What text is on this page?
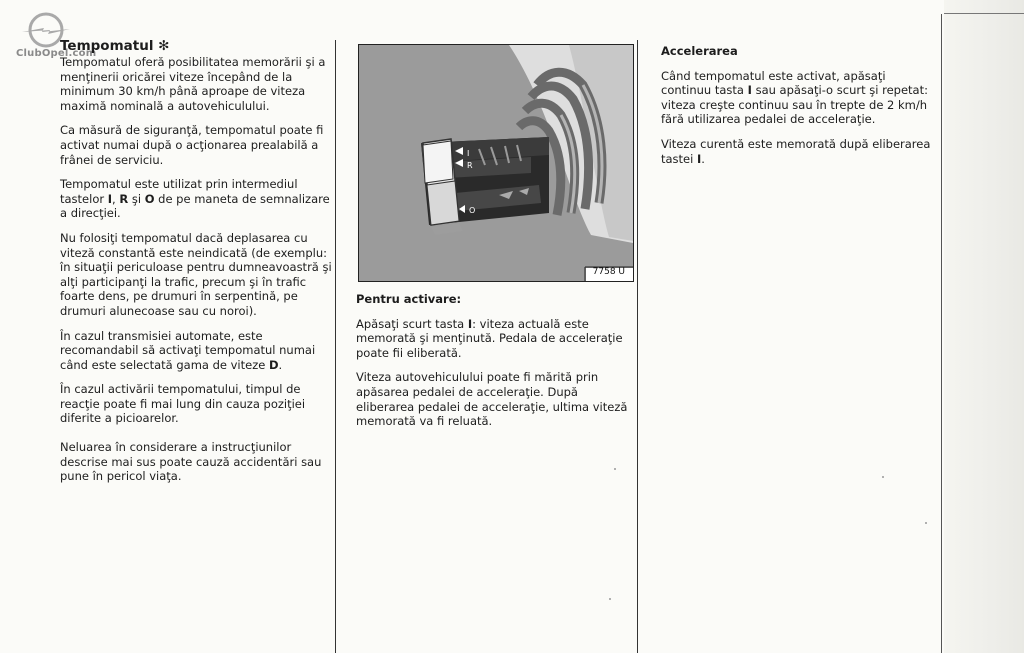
ClubOpel.com
Tempomatul ✻

Tempomatul oferă posibilitatea memorării şi a menţinerii oricărei viteze începând de la minimum 30 km/h până aproape de viteza maximă nominală a autovehiculului.

Ca măsură de siguranţă, tempomatul poate fi activat numai după o acţionarea prealabilă a frânei de serviciu.

Tempomatul este utilizat prin intermediul tastelor I, R şi O de pe maneta de semnalizare a direcţiei.

Nu folosiţi tempomatul dacă deplasarea cu viteză constantă este neindicată (de exemplu: în situaţii periculoase pentru dumneavoastră şi alţi participanţi la trafic, precum şi în trafic foarte dens, pe drumuri în serpentină, pe drumuri alunecoase sau cu noroi).

În cazul transmisiei automate, este recomandabil să activaţi tempomatul numai când este selectată gama de viteze D.

În cazul activării tempomatului, timpul de reacţie poate fi mai lung din cauza poziţiei diferite a picioarelor.

Neluarea în considerare a instrucţiunilor descrise mai sus poate cauză accidentări sau pune în pericol viaţa.

I
R
O
7758 U

Pentru activare:

Apăsaţi scurt tasta I: viteza actuală este memorată şi menţinută. Pedala de acceleraţie poate fii eliberată.

Viteza autovehiculului poate fi mărită prin apăsarea pedalei de acceleraţie. După eliberarea pedalei de acceleraţie, ultima viteză memorată va fi reluată.

Accelerarea

Când tempomatul este activat, apăsaţi continuu tasta I sau apăsaţi-o scurt şi repetat: viteza creşte continuu sau în trepte de 2 km/h fără utilizarea pedalei de acceleraţie.

Viteza curentă este memorată după eliberarea tastei I.
